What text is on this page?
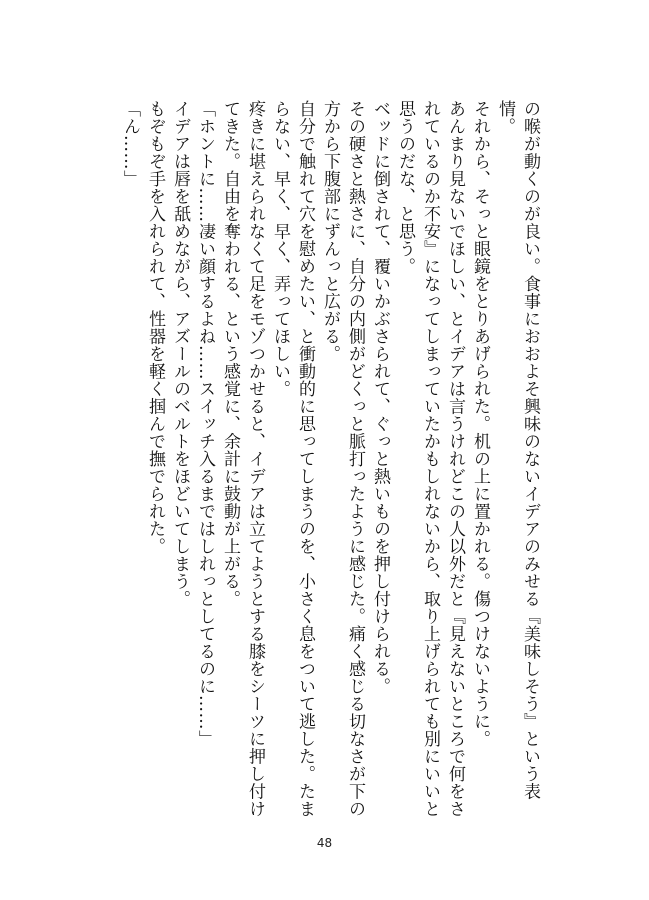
の喉が動くのが良い。食事におおよそ興味のないイデアのみせる『美味しそう』という表情。

それから、そっと眼鏡をとりあげられた。机の上に置かれる。傷つけないように。

あんまり見ないでほしい、とイデアは言うけれどこの人以外だと『見えないところで何をされているのか不安』になってしまっていたかもしれないから、取り上げられても別にいいと思うのだな、と思う。

ベッドに倒されて、覆いかぶさられて、ぐっと熱いものを押し付けられる。

その硬さと熱さに、自分の内側がどくっと脈打ったように感じた。痛く感じる切なさが下の方から下腹部にずんっと広がる。

自分で触れて穴を慰めたい、と衝動的に思ってしまうのを、小さく息をついて逃した。たまらない、早く、早く、弄ってほしい。

疼きに堪えられなくて足をモゾつかせると、イデアは立てようとする膝をシーツに押し付けてきた。自由を奪われる、という感覚に、余計に鼓動が上がる。

「ホントに……凄い顔するよね……スイッチ入るまではしれっとしてるのに……」

イデアは唇を舐めながら、アズールのベルトをほどいてしまう。

もぞもぞ手を入れられて、性器を軽く掴んで撫でられた。

「ん……」

48
